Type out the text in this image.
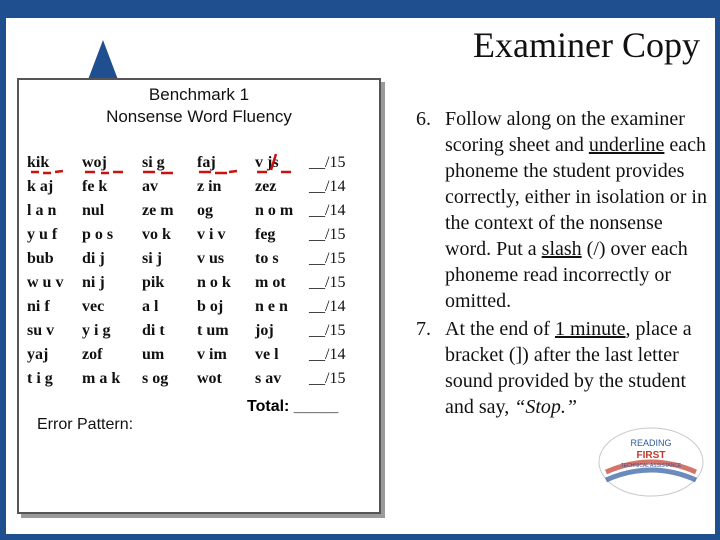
Examiner Copy
Benchmark 1
Nonsense Word Fluency
kik woj si g faj v js __/15
k aj fe k av z in zez __/14
l a n nul ze m og	n o m __/14
y u f p o s vo k v i v feg __/15
bub di j si j v us to s __/15
w u v ni j pik n o k m ot __/15
ni f vec a l b oj n e n __/14
su v y i g di t t um joj __/15
yaj zof um v im ve l __/14
t i g m a k s og wot s av __/15
Total: _____
Error Pattern:
6. Follow along on the examiner scoring sheet and underline each phoneme the student provides correctly, either in isolation or in the context of the nonsense word. Put a slash (/) over each phoneme read incorrectly or omitted.
7. At the end of 1 minute, place a bracket (]) after the last letter sound provided by the student and say, “Stop.”
READING
FIRST
TECHNICAL ASSISTANCE
